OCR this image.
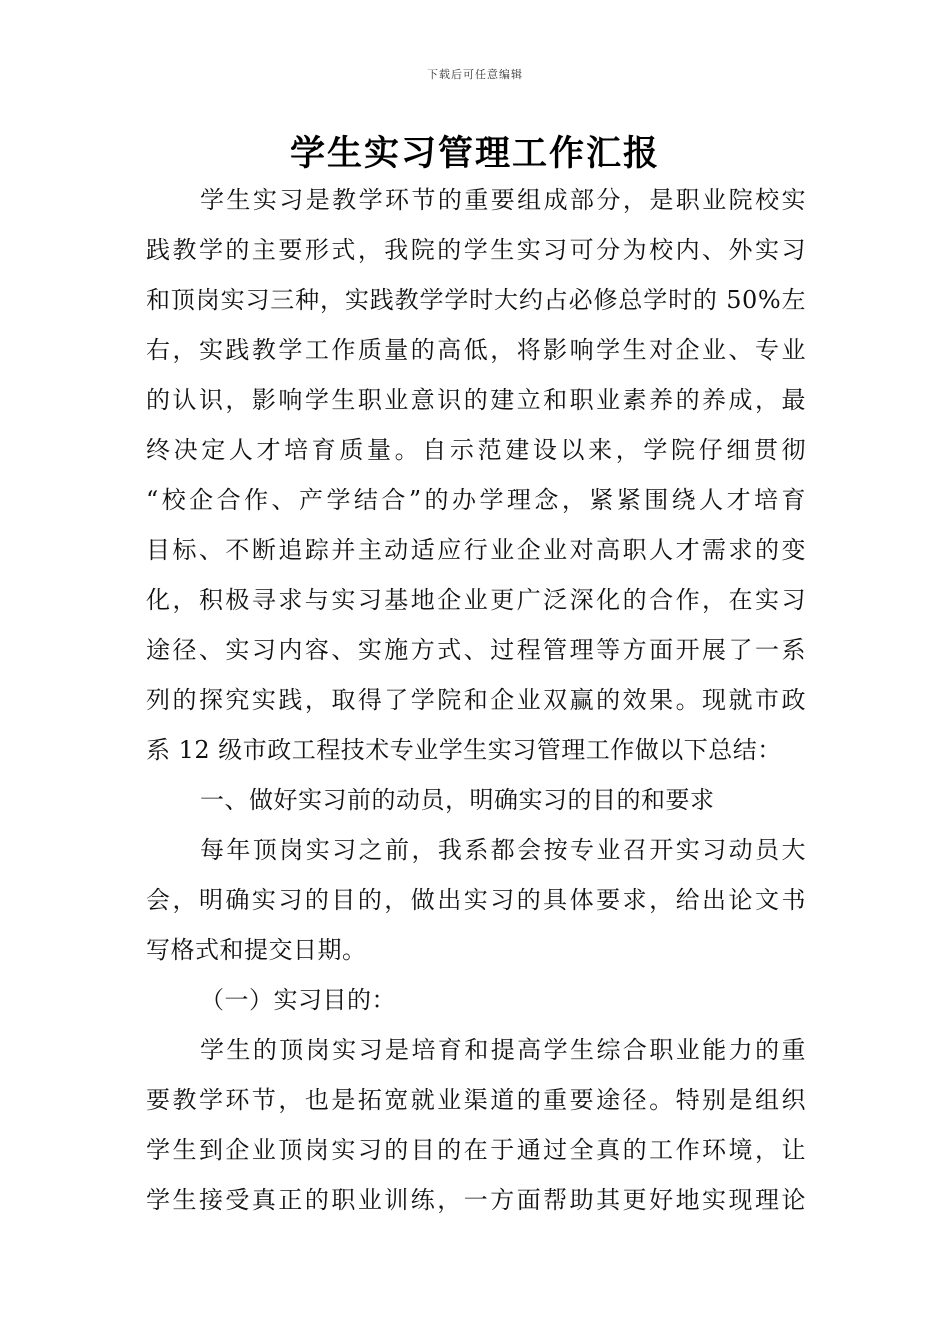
下载后可任意编辑
学生实习管理工作汇报
学生实习是教学环节的重要组成部分，是职业院校实
践教学的主要形式，我院的学生实习可分为校内、外实习
和顶岗实习三种，实践教学学时大约占必修总学时的 50%左
右，实践教学工作质量的高低，将影响学生对企业、专业
的认识，影响学生职业意识的建立和职业素养的养成，最
终决定人才培育质量。自示范建设以来，学院仔细贯彻
“校企合作、产学结合”的办学理念，紧紧围绕人才培育
目标、不断追踪并主动适应行业企业对高职人才需求的变
化，积极寻求与实习基地企业更广泛深化的合作，在实习
途径、实习内容、实施方式、过程管理等方面开展了一系
列的探究实践，取得了学院和企业双赢的效果。现就市政
系 12 级市政工程技术专业学生实习管理工作做以下总结：
一、做好实习前的动员，明确实习的目的和要求
每年顶岗实习之前，我系都会按专业召开实习动员大
会，明确实习的目的，做出实习的具体要求，给出论文书
写格式和提交日期。
（一）实习目的：
学生的顶岗实习是培育和提高学生综合职业能力的重
要教学环节，也是拓宽就业渠道的重要途径。特别是组织
学生到企业顶岗实习的目的在于通过全真的工作环境，让
学生接受真正的职业训练，一方面帮助其更好地实现理论
